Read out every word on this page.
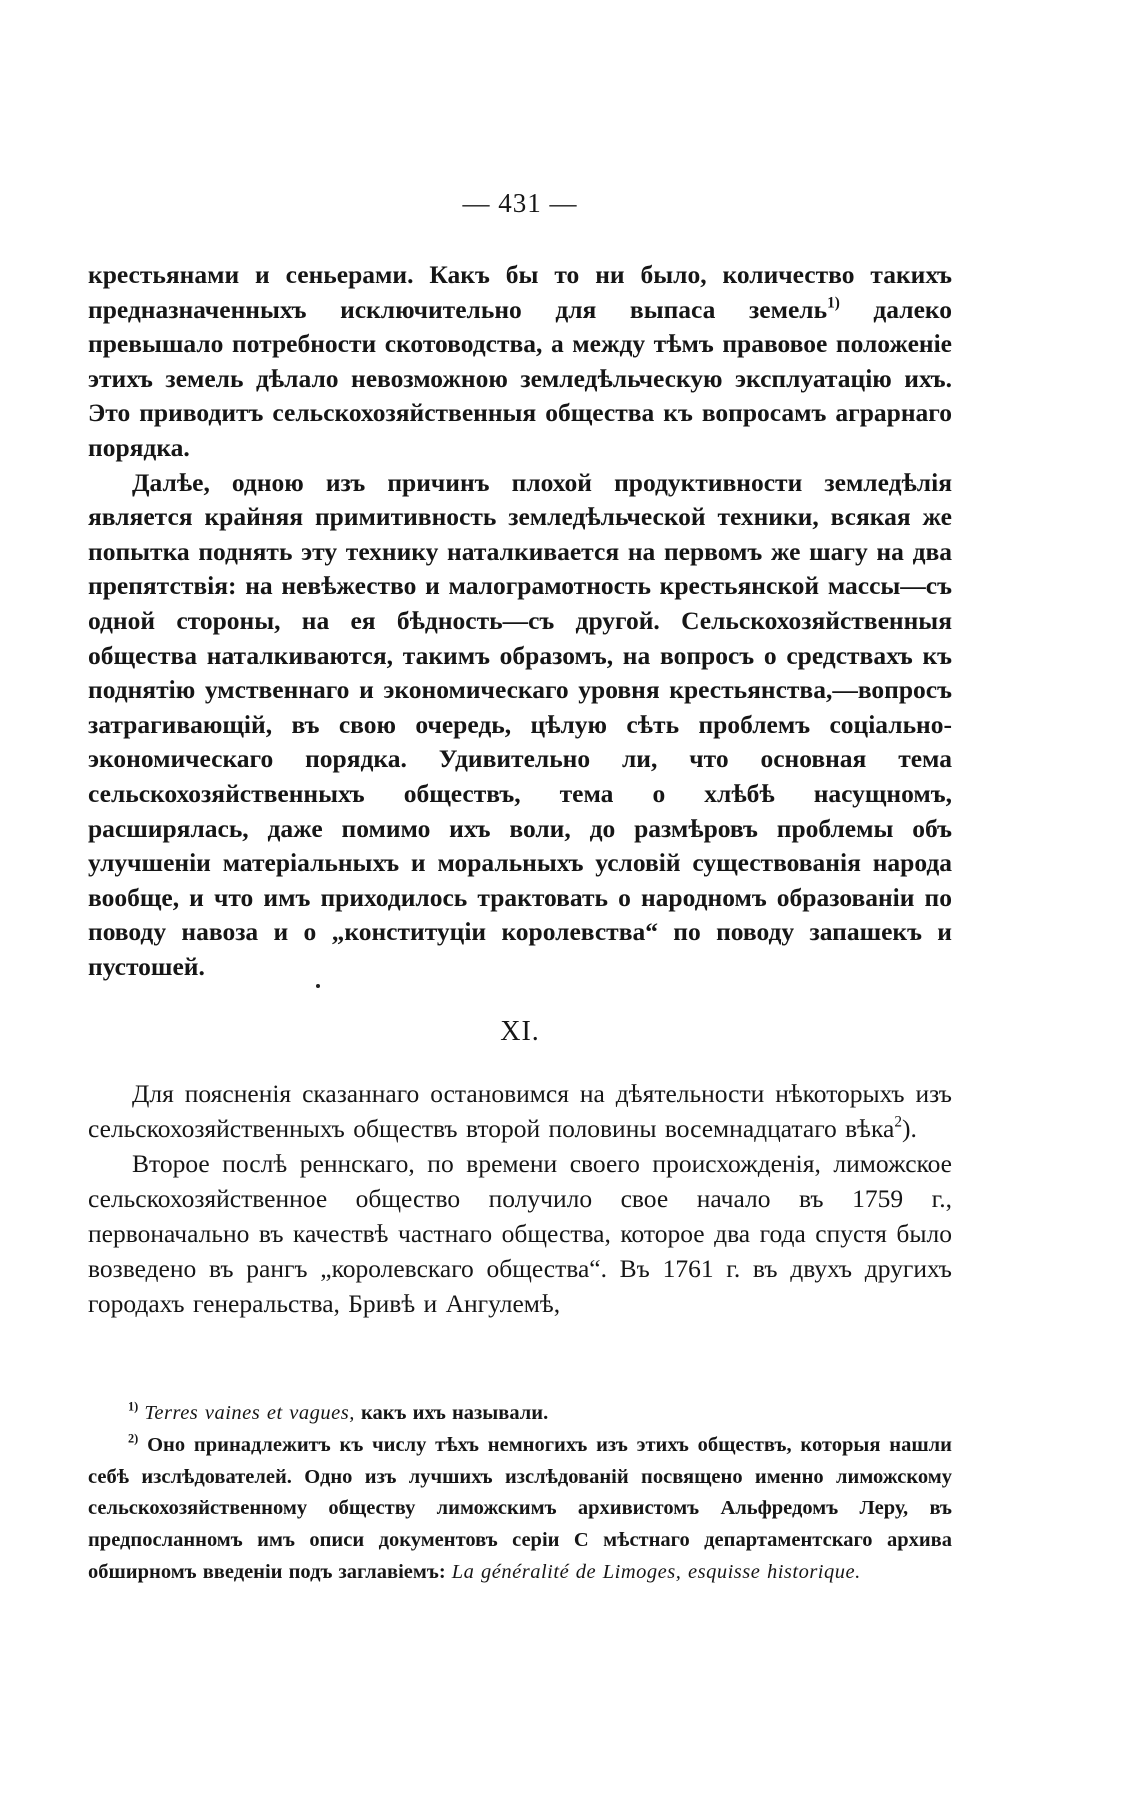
— 431 —

крестьянами и сеньерами. Какъ бы то ни было, количество такихъ предназначенныхъ исключительно для выпаса земель$^{1)}$ далеко превышало потребности скотоводства, а между тѣмъ правовое положеніе этихъ земель дѣлало невозможною земледѣльческую эксплуатацію ихъ. Это приводитъ сельскохозяйственныя общества къ вопросамъ аграрнаго порядка.

Далѣе, одною изъ причинъ плохой продуктивности земледѣлія является крайняя примитивность земледѣльческой техники, всякая же попытка поднять эту технику наталкивается на первомъ же шагу на два препятствія: на невѣжество и малограмотность крестьянской массы—съ одной стороны, на ея бѣдность—съ другой. Сельскохозяйственныя общества наталкиваются, такимъ образомъ, на вопросъ о средствахъ къ поднятію умственнаго и экономическаго уровня крестьянства,—вопросъ затрагивающій, въ свою очередь, цѣлую сѣть проблемъ соціально-экономическаго порядка. Удивительно ли, что основная тема сельскохозяйственныхъ обществъ, тема о хлѣбѣ насущномъ, расширялась, даже помимо ихъ воли, до размѣровъ проблемы объ улучшеніи матеріальныхъ и моральныхъ условій существованія народа вообще, и что имъ приходилось трактовать о народномъ образованіи по поводу навоза и о „конституціи королевства“ по поводу запашекъ и пустошей.

XI.

Для поясненія сказаннаго остановимся на дѣятельности нѣкоторыхъ изъ сельскохозяйственныхъ обществъ второй половины восемнадцатаго вѣка$^2$).

Второе послѣ реннскаго, по времени своего происхожденія, лиможское сельскохозяйственное общество получило свое начало въ 1759 г., первоначально въ качествѣ частнаго общества, которое два года спустя было возведено въ рангъ „королевскаго общества“. Въ 1761 г. въ двухъ другихъ городахъ генеральства, Бривѣ и Ангулемѣ,

$^{1)}$ Terres vaines et vagues, какъ ихъ называли.

$^{2)}$ Оно принадлежитъ къ числу тѣхъ немногихъ изъ этихъ обществъ, которыя нашли себѣ изслѣдователей. Одно изъ лучшихъ изслѣдованій посвящено именно лиможскому сельскохозяйственному обществу лиможскимъ архивистомъ Альфредомъ Леру, въ предпосланномъ имъ описи документовъ серіи С мѣстнаго департаментскаго архива обширномъ введеніи подъ заглавіемъ: La généralité de Limoges, esquisse historique.
